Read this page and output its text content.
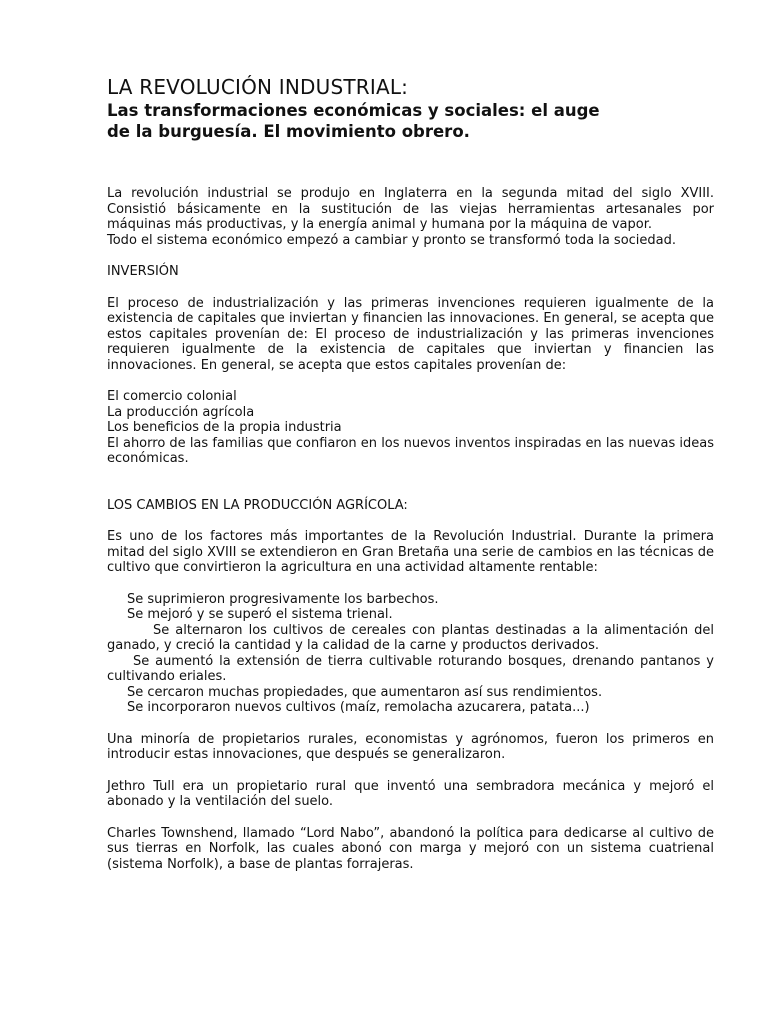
LA REVOLUCIÓN INDUSTRIAL:
Las transformaciones económicas y sociales: el auge
de la burguesía. El movimiento obrero.

La revolución industrial se produjo en Inglaterra en la segunda mitad del siglo XVIII. Consistió básicamente en la sustitución de las viejas herramientas artesanales por máquinas más productivas, y la energía animal y humana por la máquina de vapor.

Todo el sistema económico empezó a cambiar y pronto se transformó toda la sociedad.

INVERSIÓN

El proceso de industrialización y las primeras invenciones requieren igualmente de la existencia de capitales que inviertan y financien las innovaciones. En general, se acepta que estos capitales provenían de: El proceso de industrialización y las primeras invenciones requieren igualmente de la existencia de capitales que inviertan y financien las innovaciones. En general, se acepta que estos capitales provenían de:

El comercio colonial

La producción agrícola

Los beneficios de la propia industria

El ahorro de las familias que confiaron en los nuevos inventos inspiradas en las nuevas ideas económicas.

LOS CAMBIOS EN LA PRODUCCIÓN AGRÍCOLA:

Es uno de los factores más importantes de la Revolución Industrial. Durante la primera mitad del siglo XVIII se extendieron en Gran Bretaña una serie de cambios en las técnicas de cultivo que convirtieron la agricultura en una actividad altamente rentable:

Se suprimieron progresivamente los barbechos.

Se mejoró y se superó el sistema trienal.

Se alternaron los cultivos de cereales con plantas destinadas a la alimentación del ganado, y creció la cantidad y la calidad de la carne y productos derivados.

Se aumentó la extensión de tierra cultivable roturando bosques, drenando pantanos y cultivando eriales.

Se cercaron muchas propiedades, que aumentaron así sus rendimientos.

Se incorporaron nuevos cultivos (maíz, remolacha azucarera, patata...)

Una minoría de propietarios rurales, economistas y agrónomos, fueron los primeros en introducir estas innovaciones, que después se generalizaron.

Jethro Tull era un propietario rural que inventó una sembradora mecánica y mejoró el abonado y la ventilación del suelo.

Charles Townshend, llamado “Lord Nabo”, abandonó la política para dedicarse al cultivo de sus tierras en Norfolk, las cuales abonó con marga y mejoró con un sistema cuatrienal (sistema Norfolk), a base de plantas forrajeras.
